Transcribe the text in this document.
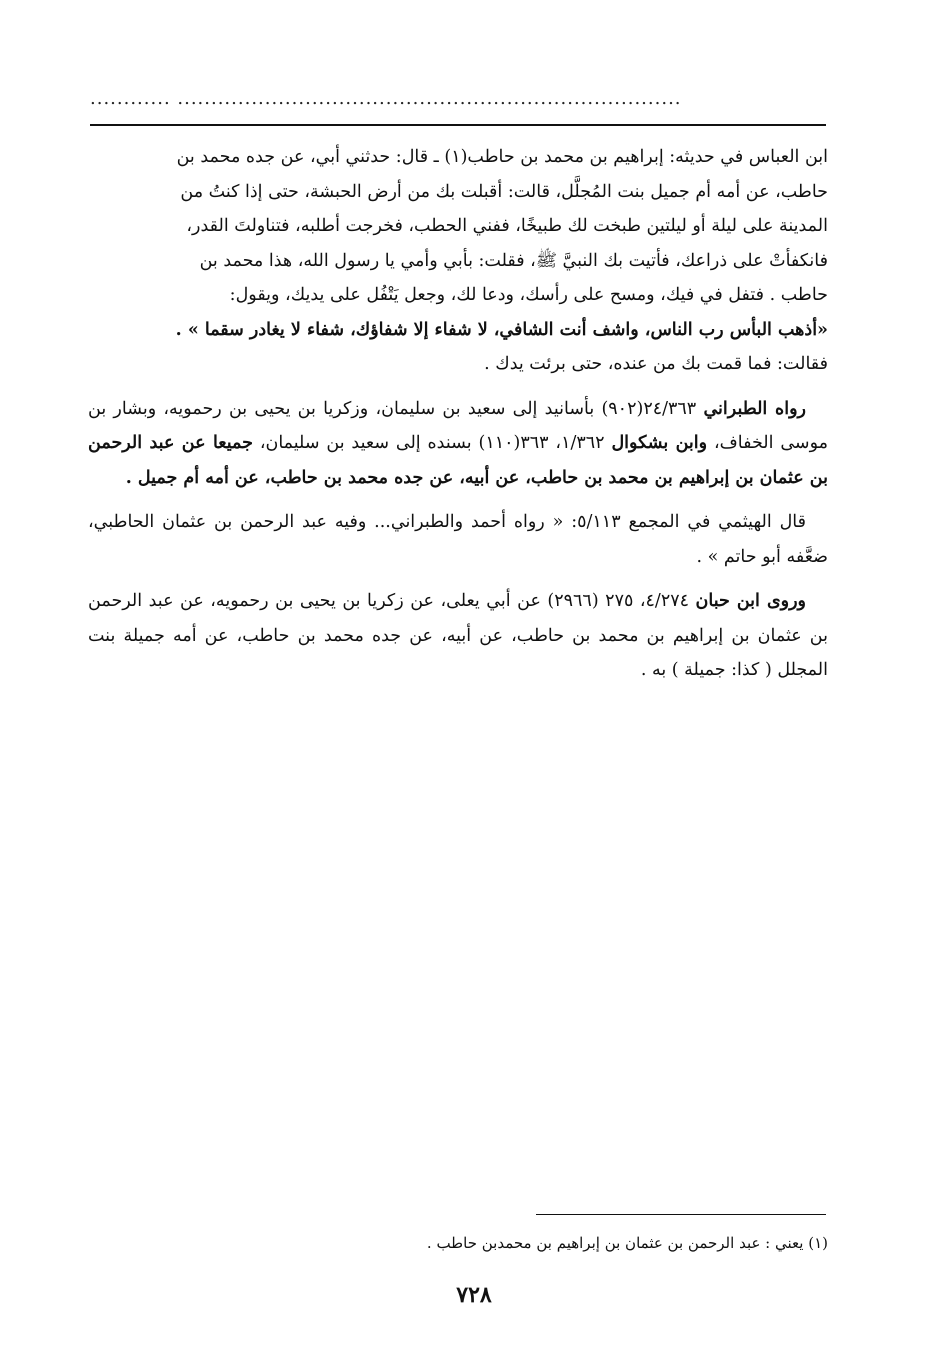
............ ...........................................................................
ابن العباس في حديثه: إبراهيم بن محمد بن حاطب(١) ـ قال: حدثني أبي، عن جده محمد بن
حاطب، عن أمه أم جميل بنت المُجلَّل، قالت: أقبلت بك من أرض الحبشة، حتى إذا كنتُ من
المدينة على ليلة أو ليلتين طبخت لك طبيخًا، ففني الحطب، فخرجت أطلبه، فتناولتَ القدر،
فانكفأتْ على ذراعك، فأتيت بك النبيَّ ﷺ، فقلت: بأبي وأمي يا رسول الله، هذا محمد بن
حاطب . فتفل في فيك، ومسح على رأسك، ودعا لك، وجعل يَتْفُل على يديك، ويقول:
«أذهب البأس رب الناس، واشف أنت الشافي، لا شفاء إلا شفاؤك، شفاء لا يغادر سقما » .
فقالت: فما قمت بك من عنده، حتى برئت يدك .

رواه الطبراني ٢٤/٣٦٣(٩٠٢) بأسانيد إلى سعيد بن سليمان، وزكريا بن يحيى بن رحمويه، وبشار بن موسى الخفاف، وابن بشكوال ١/٣٦٢، ٣٦٣(١١٠) بسنده إلى سعيد بن سليمان، جميعا عن عبد الرحمن بن عثمان بن إبراهيم بن محمد بن حاطب، عن أبيه، عن جده محمد بن حاطب، عن أمه أم جميل .

قال الهيثمي في المجمع ٥/١١٣: « رواه أحمد والطبراني... وفيه عبد الرحمن بن عثمان الحاطبي، ضعَّفه أبو حاتم » .

وروى ابن حبان ٤/٢٧٤، ٢٧٥ (٢٩٦٦) عن أبي يعلى، عن زكريا بن يحيى بن رحمويه، عن عبد الرحمن بن عثمان بن إبراهيم بن محمد بن حاطب، عن أبيه، عن جده محمد بن حاطب، عن أمه جميلة بنت المجلل ( كذا: جميلة ) به .

(١) يعني : عبد الرحمن بن عثمان بن إبراهيم بن محمدبن حاطب .
٧٢٨
